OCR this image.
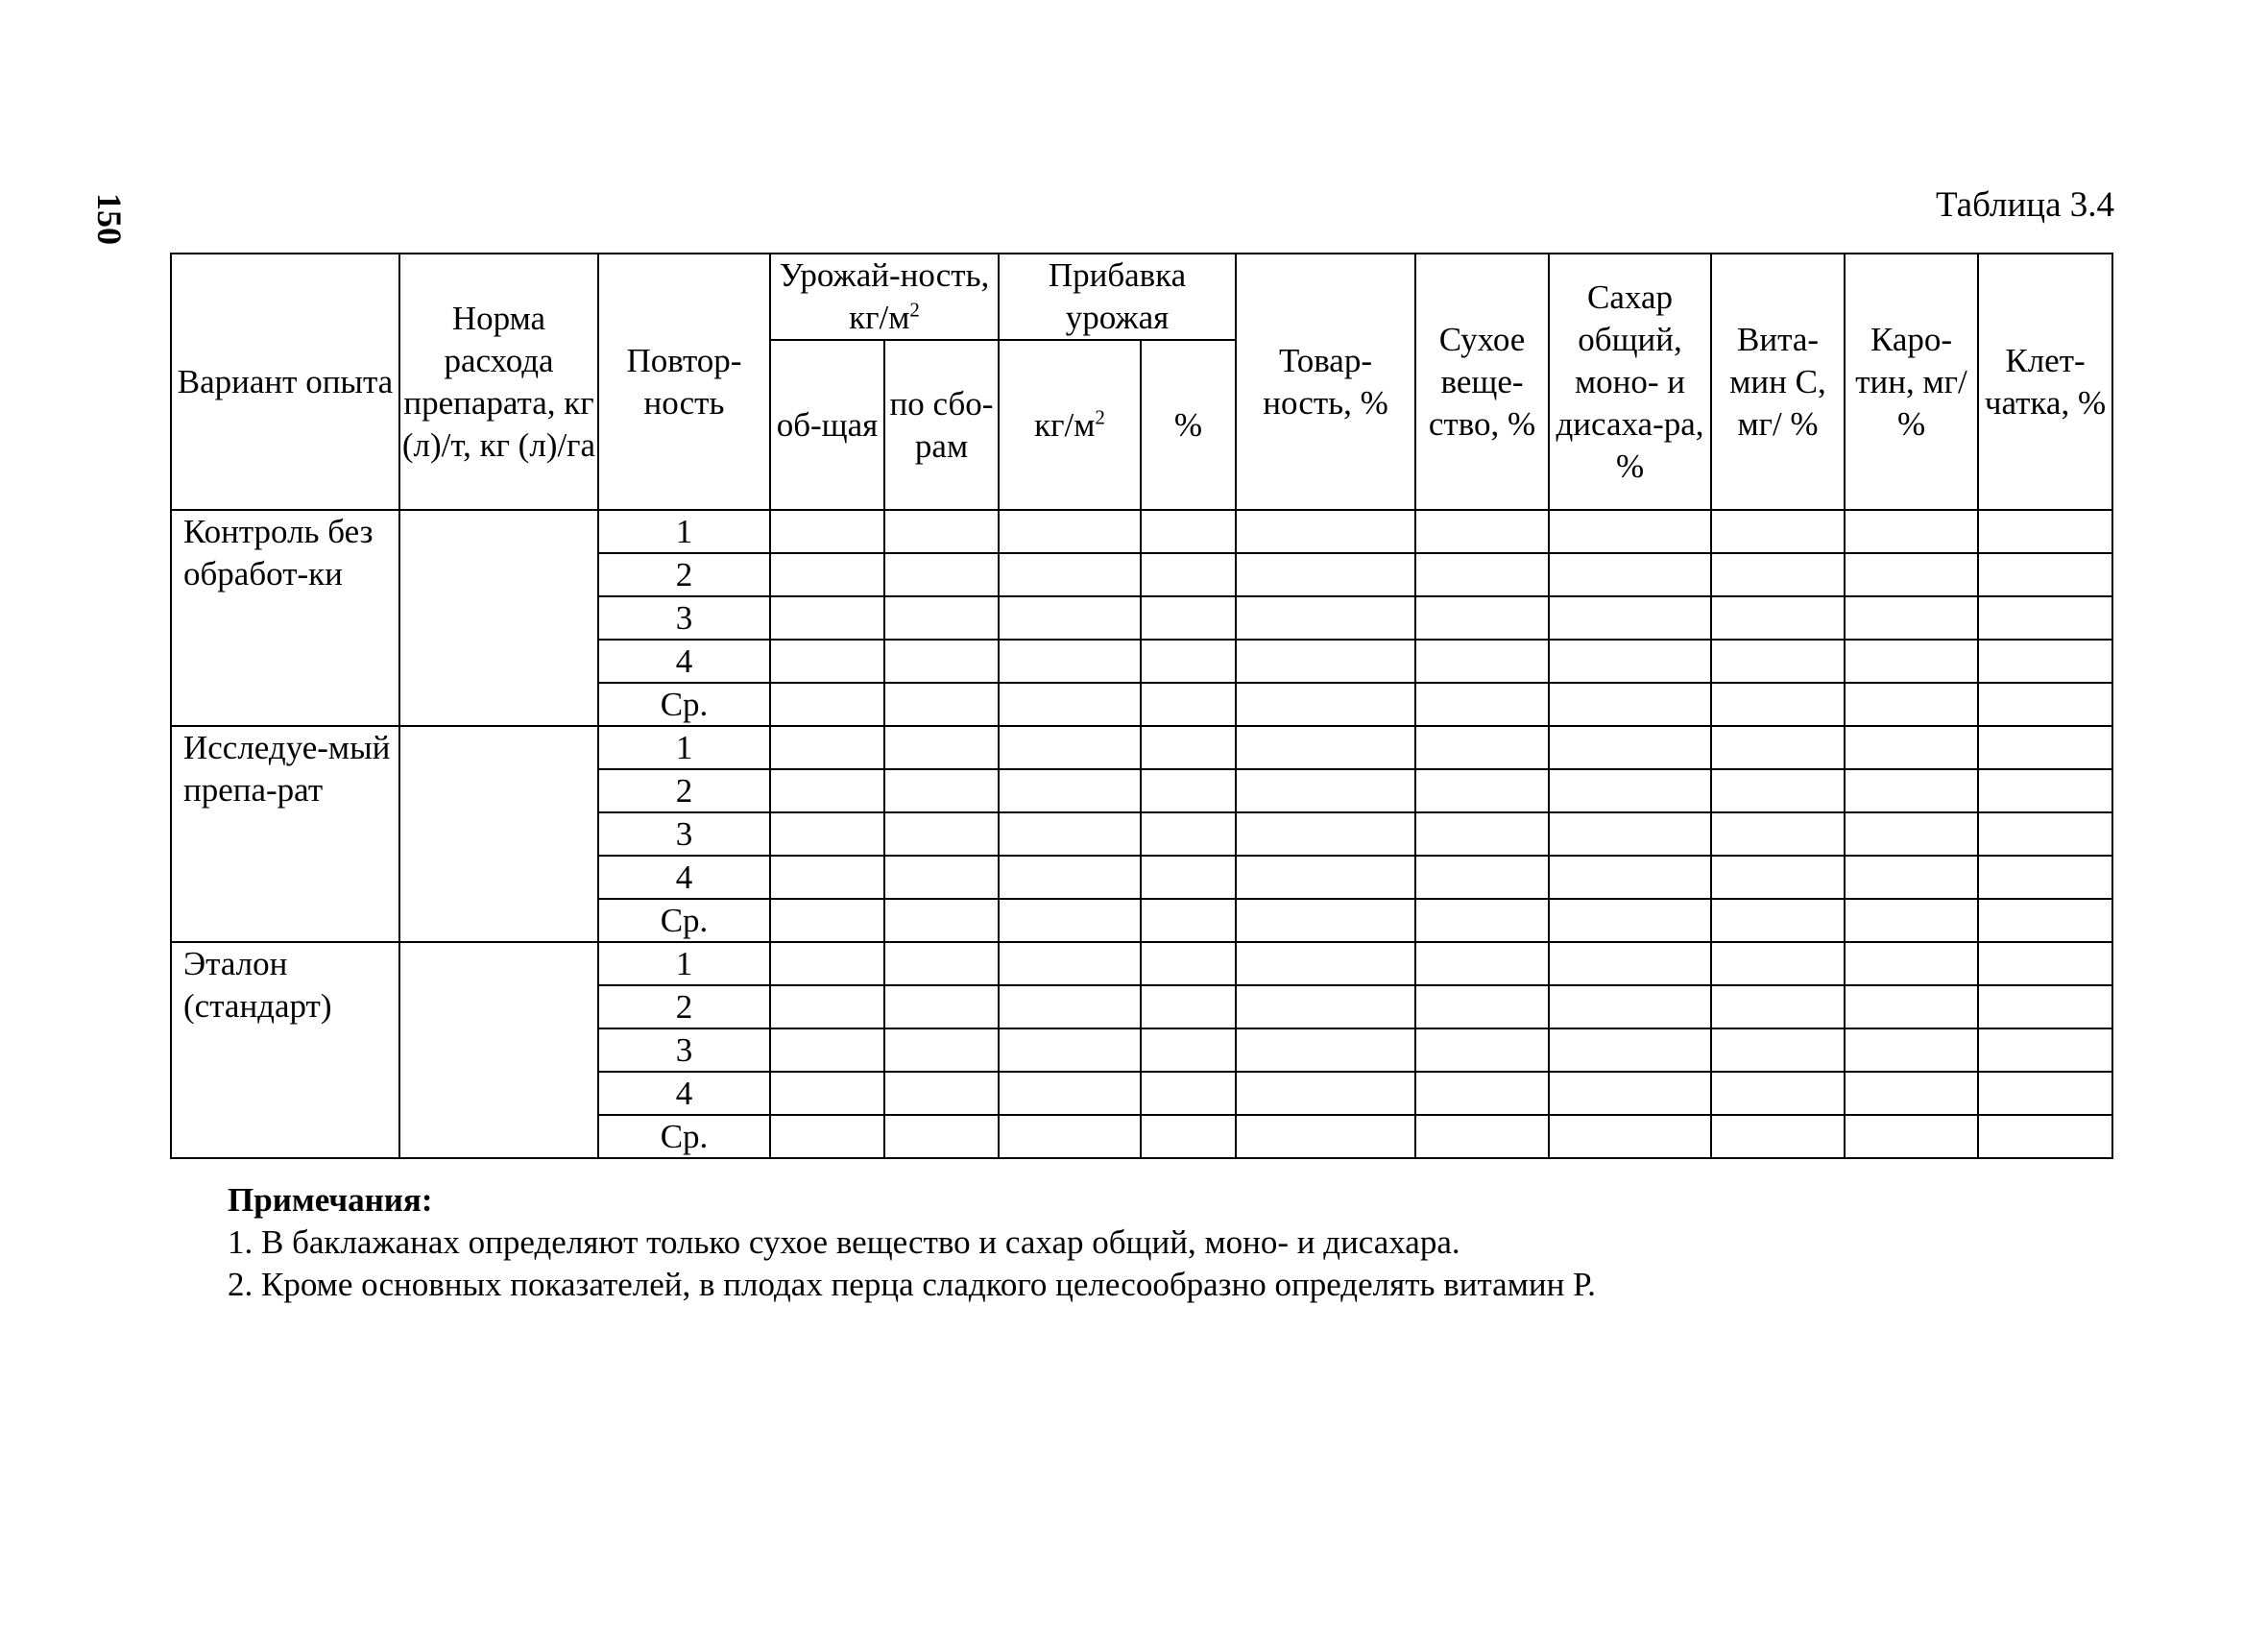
150	Таблица 3.4
Вариант опыта	Норма расхода препарата, кг (л)/т, кг (л)/га	Повтор-ность	Урожай-ность, $кг/м^2$		Прибавка урожая		Товар-ность, %	Сухое веще-ство, %	Сахар общий, моно- и дисаха-ра, %	Вита-мин С, мг/ %	Каро-тин, мг/ %	Клет-чатка, %
			об-щая	по сбо-рам	$кг/м^2$	%						
Контроль без обработ-ки		1										
		2										
		3										
		4										
		Ср.										
Исследуе-мый препа-рат		1										
		2										
		3										
		4										
		Ср.										
Эталон (стандарт)		1										
		2										
		3										
		4										
		Ср.										
Примечания:
1. В баклажанах определяют только сухое вещество и сахар общий, моно- и дисахара.
2. Кроме основных показателей, в плодах перца сладкого целесообразно определять витамин Р.
